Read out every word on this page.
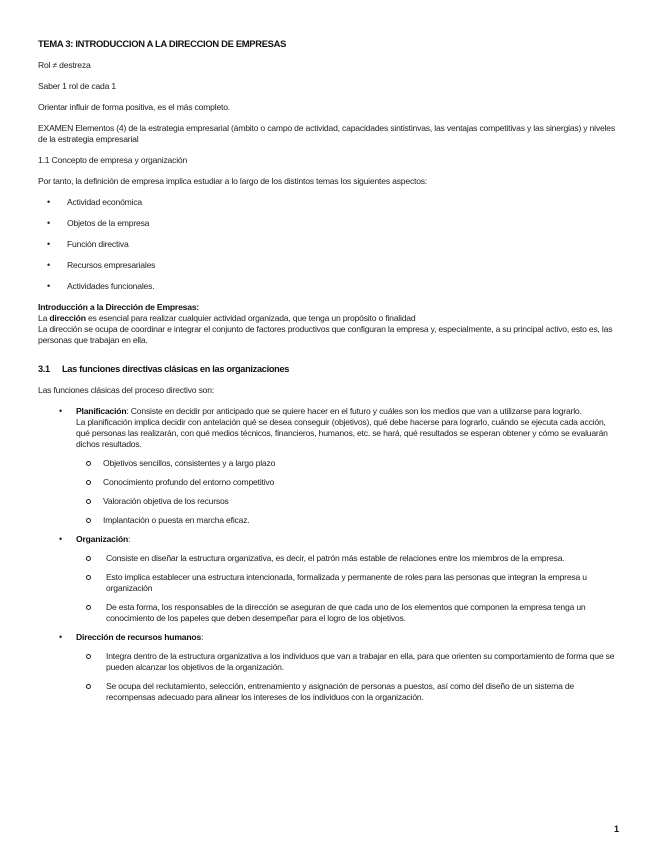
TEMA 3: INTRODUCCION A LA DIRECCION DE EMPRESAS

Rol ≠ destreza

Saber 1 rol de cada 1

Orientar influir de forma positiva, es el más completo.

EXAMEN Elementos (4) de la estrategia empresarial (ámbito o campo de actividad, capacidades sintistinvas, las ventajas competitivas y las sinergias) y niveles de la estrategia empresarial

1.1 Concepto de empresa y organización

Por tanto, la definición de empresa implica estudiar a lo largo de los distintos temas los siguientes aspectos:

• Actividad económica
• Objetos de la empresa
• Función directiva
• Recursos empresariales
• Actividades funcionales.
Introducción a la Dirección de Empresas:
La dirección es esencial para realizar cualquier actividad organizada, que tenga un propósito o finalidad
La dirección se ocupa de coordinar e integrar el conjunto de factores productivos que configuran la empresa y, especialmente, a su principal activo, esto es, las personas que trabajan en ella.
3.1 Las funciones directivas clásicas en las organizaciones

Las funciones clásicas del proceso directivo son:

• Planificación: Consiste en decidir por anticipado que se quiere hacer en el futuro y cuáles son los medios que van a utilizarse para lograrlo.
La planificación implica decidir con antelación qué se desea conseguir (objetivos), qué debe hacerse para lograrlo, cuándo se ejecuta cada acción, qué personas las realizarán, con qué medios técnicos, financieros, humanos, etc. se hará, qué resultados se esperan obtener y cómo se evaluarán dichos resultados.
Objetivos sencillos, consistentes y a largo plazo
Conocimiento profundo del entorno competitivo
Valoración objetiva de los recursos
Implantación o puesta en marcha eficaz.
• Organización:
Consiste en diseñar la estructura organizativa, es decir, el patrón más estable de relaciones entre los miembros de la empresa.
Esto implica establecer una estructura intencionada, formalizada y permanente de roles para las personas que integran la empresa u organización
De esta forma, los responsables de la dirección se aseguran de que cada uno de los elementos que componen la empresa tenga un conocimiento de los papeles que deben desempeñar para el logro de los objetivos.
• Dirección de recursos humanos:
Integra dentro de la estructura organizativa a los individuos que van a trabajar en ella, para que orienten su comportamiento de forma que se pueden alcanzar los objetivos de la organización.
Se ocupa del reclutamiento, selección, entrenamiento y asignación de personas a puestos, así como del diseño de un sistema de recompensas adecuado para alinear los intereses de los individuos con la organización.
1
